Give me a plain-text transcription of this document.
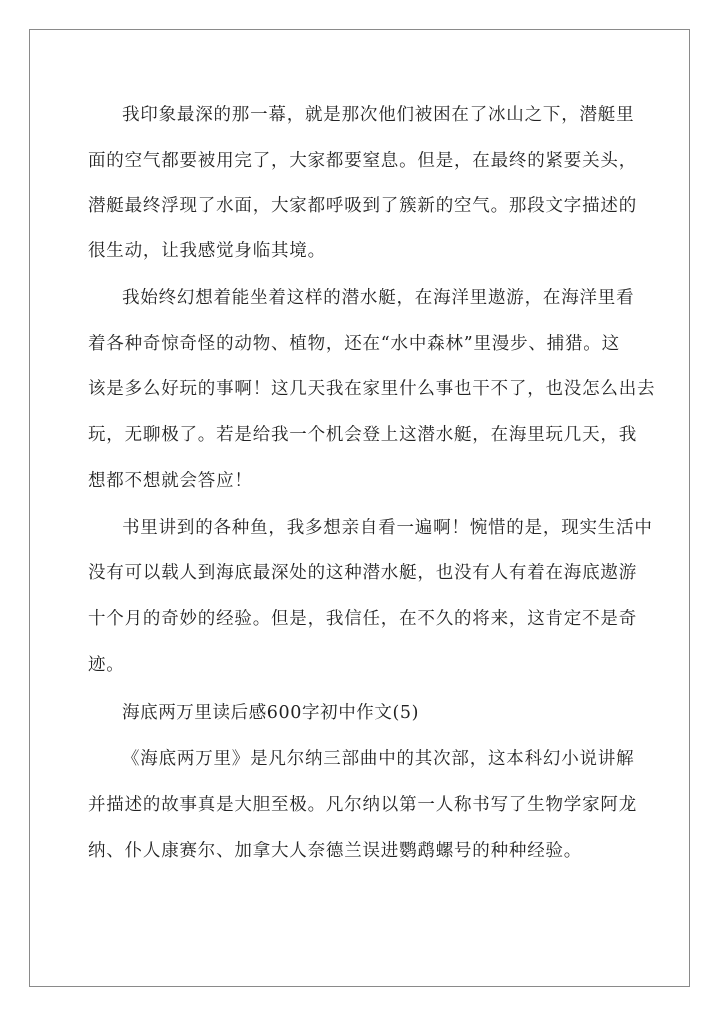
我印象最深的那一幕，就是那次他们被困在了冰山之下，潜艇里
面的空气都要被用完了，大家都要窒息。但是，在最终的紧要关头，
潜艇最终浮现了水面，大家都呼吸到了簇新的空气。那段文字描述的
很生动，让我感觉身临其境。
我始终幻想着能坐着这样的潜水艇，在海洋里遨游，在海洋里看
着各种奇惊奇怪的动物、植物，还在“水中森林”里漫步、捕猎。这
该是多么好玩的事啊！这几天我在家里什么事也干不了，也没怎么出去
玩，无聊极了。若是给我一个机会登上这潜水艇，在海里玩几天，我
想都不想就会答应！
书里讲到的各种鱼，我多想亲自看一遍啊！惋惜的是，现实生活中
没有可以载人到海底最深处的这种潜水艇，也没有人有着在海底遨游
十个月的奇妙的经验。但是，我信任，在不久的将来，这肯定不是奇
迹。
海底两万里读后感600字初中作文(5)
《海底两万里》是凡尔纳三部曲中的其次部，这本科幻小说讲解
并描述的故事真是大胆至极。凡尔纳以第一人称书写了生物学家阿龙
纳、仆人康赛尔、加拿大人奈德兰误进鹦鹉螺号的种种经验。
